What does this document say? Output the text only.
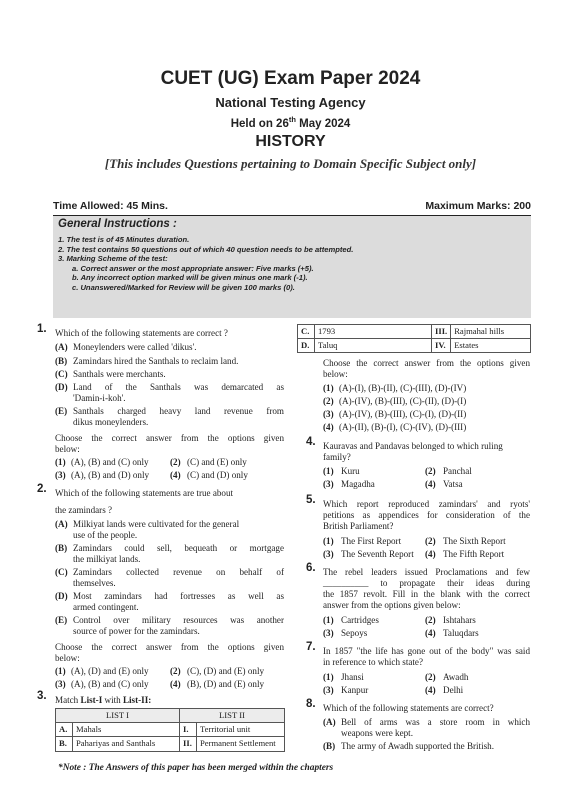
CUET (UG) Exam Paper 2024
National Testing Agency
Held on 26th May 2024
HISTORY
[This includes Questions pertaining to Domain Specific Subject only]
Time Allowed: 45 Mins.	Maximum Marks: 200
General Instructions :
1. The test is of 45 Minutes duration.
2. The test contains 50 questions out of which 40 question needs to be attempted.
3. Marking Scheme of the test:
a. Correct answer or the most appropriate answer: Five marks (+5).
b. Any incorrect option marked will be given minus one mark (-1).
c. Unanswered/Marked for Review will be given 100 marks (0).
1. Which of the following statements are correct ?
(A) Moneylenders were called 'dikus'.
(B) Zamindars hired the Santhals to reclaim land.
(C) Santhals were merchants.
(D) Land of the Santhals was demarcated as
'Damin-i-koh'.
(E) Santhals charged heavy land revenue from
dikus moneylenders.
Choose the correct answer from the options given
below:
(1) (A), (B) and (C) only (2) (C) and (E) only
(3) (A), (B) and (D) only (4) (C) and (D) only
2. Which of the following statements are true about
the zamindars ?
(A) Milkiyat lands were cultivated for the general
use of the people.
(B) Zamindars could sell, bequeath or mortgage
the milkiyat lands.
(C) Zamindars collected revenue on behalf of
themselves.
(D) Most zamindars had fortresses as well as
armed contingent.
(E) Control over military resources was another
source of power for the zamindars.
Choose the correct answer from the options given
below:
(1) (A), (D) and (E) only (2) (C), (D) and (E) only
(3) (A), (B) and (C) only (4) (B), (D) and (E) only
3. Match List-I with List-II:
LIST I		LIST II	
A.	Mahals	I.	Territorial unit
B.	Pahariyas and Santhals	II.	Permanent Settlement
C.	1793	III.	Rajmahal hills
D.	Taluq	IV.	Estates
Choose the correct answer from the options given
below:
(1) (A)-(I), (B)-(II), (C)-(III), (D)-(IV)
(2) (A)-(IV), (B)-(III), (C)-(II), (D)-(I)
(3) (A)-(IV), (B)-(III), (C)-(I), (D)-(II)
(4) (A)-(II), (B)-(I), (C)-(IV), (D)-(III)
4. Kauravas and Pandavas belonged to which ruling
family?
(1) Kuru	(2) Panchal
(3) Magadha	(4) Vatsa
5. Which report reproduced zamindars' and ryots'
petitions as appendices for consideration of the
British Parliament?
(1) The First Report	(2) The Sixth Report
(3) The Seventh Report (4) The Fifth Report
6. The rebel leaders issued Proclamations and few
__________ to propagate their ideas during
the 1857 revolt. Fill in the blank with the correct
answer from the options given below:
(1) Cartridges	(2) Ishtahars
(3) Sepoys	(4) Taluqdars
7. In 1857 "the life has gone out of the body" was said
in reference to which state?
(1) Jhansi	(2) Awadh
(3) Kanpur	(4) Delhi
8. Which of the following statements are correct?
(A) Bell of arms was a store room in which
weapons were kept.
(B) The army of Awadh supported the British.
*Note : The Answers of this paper has been merged within the chapters
